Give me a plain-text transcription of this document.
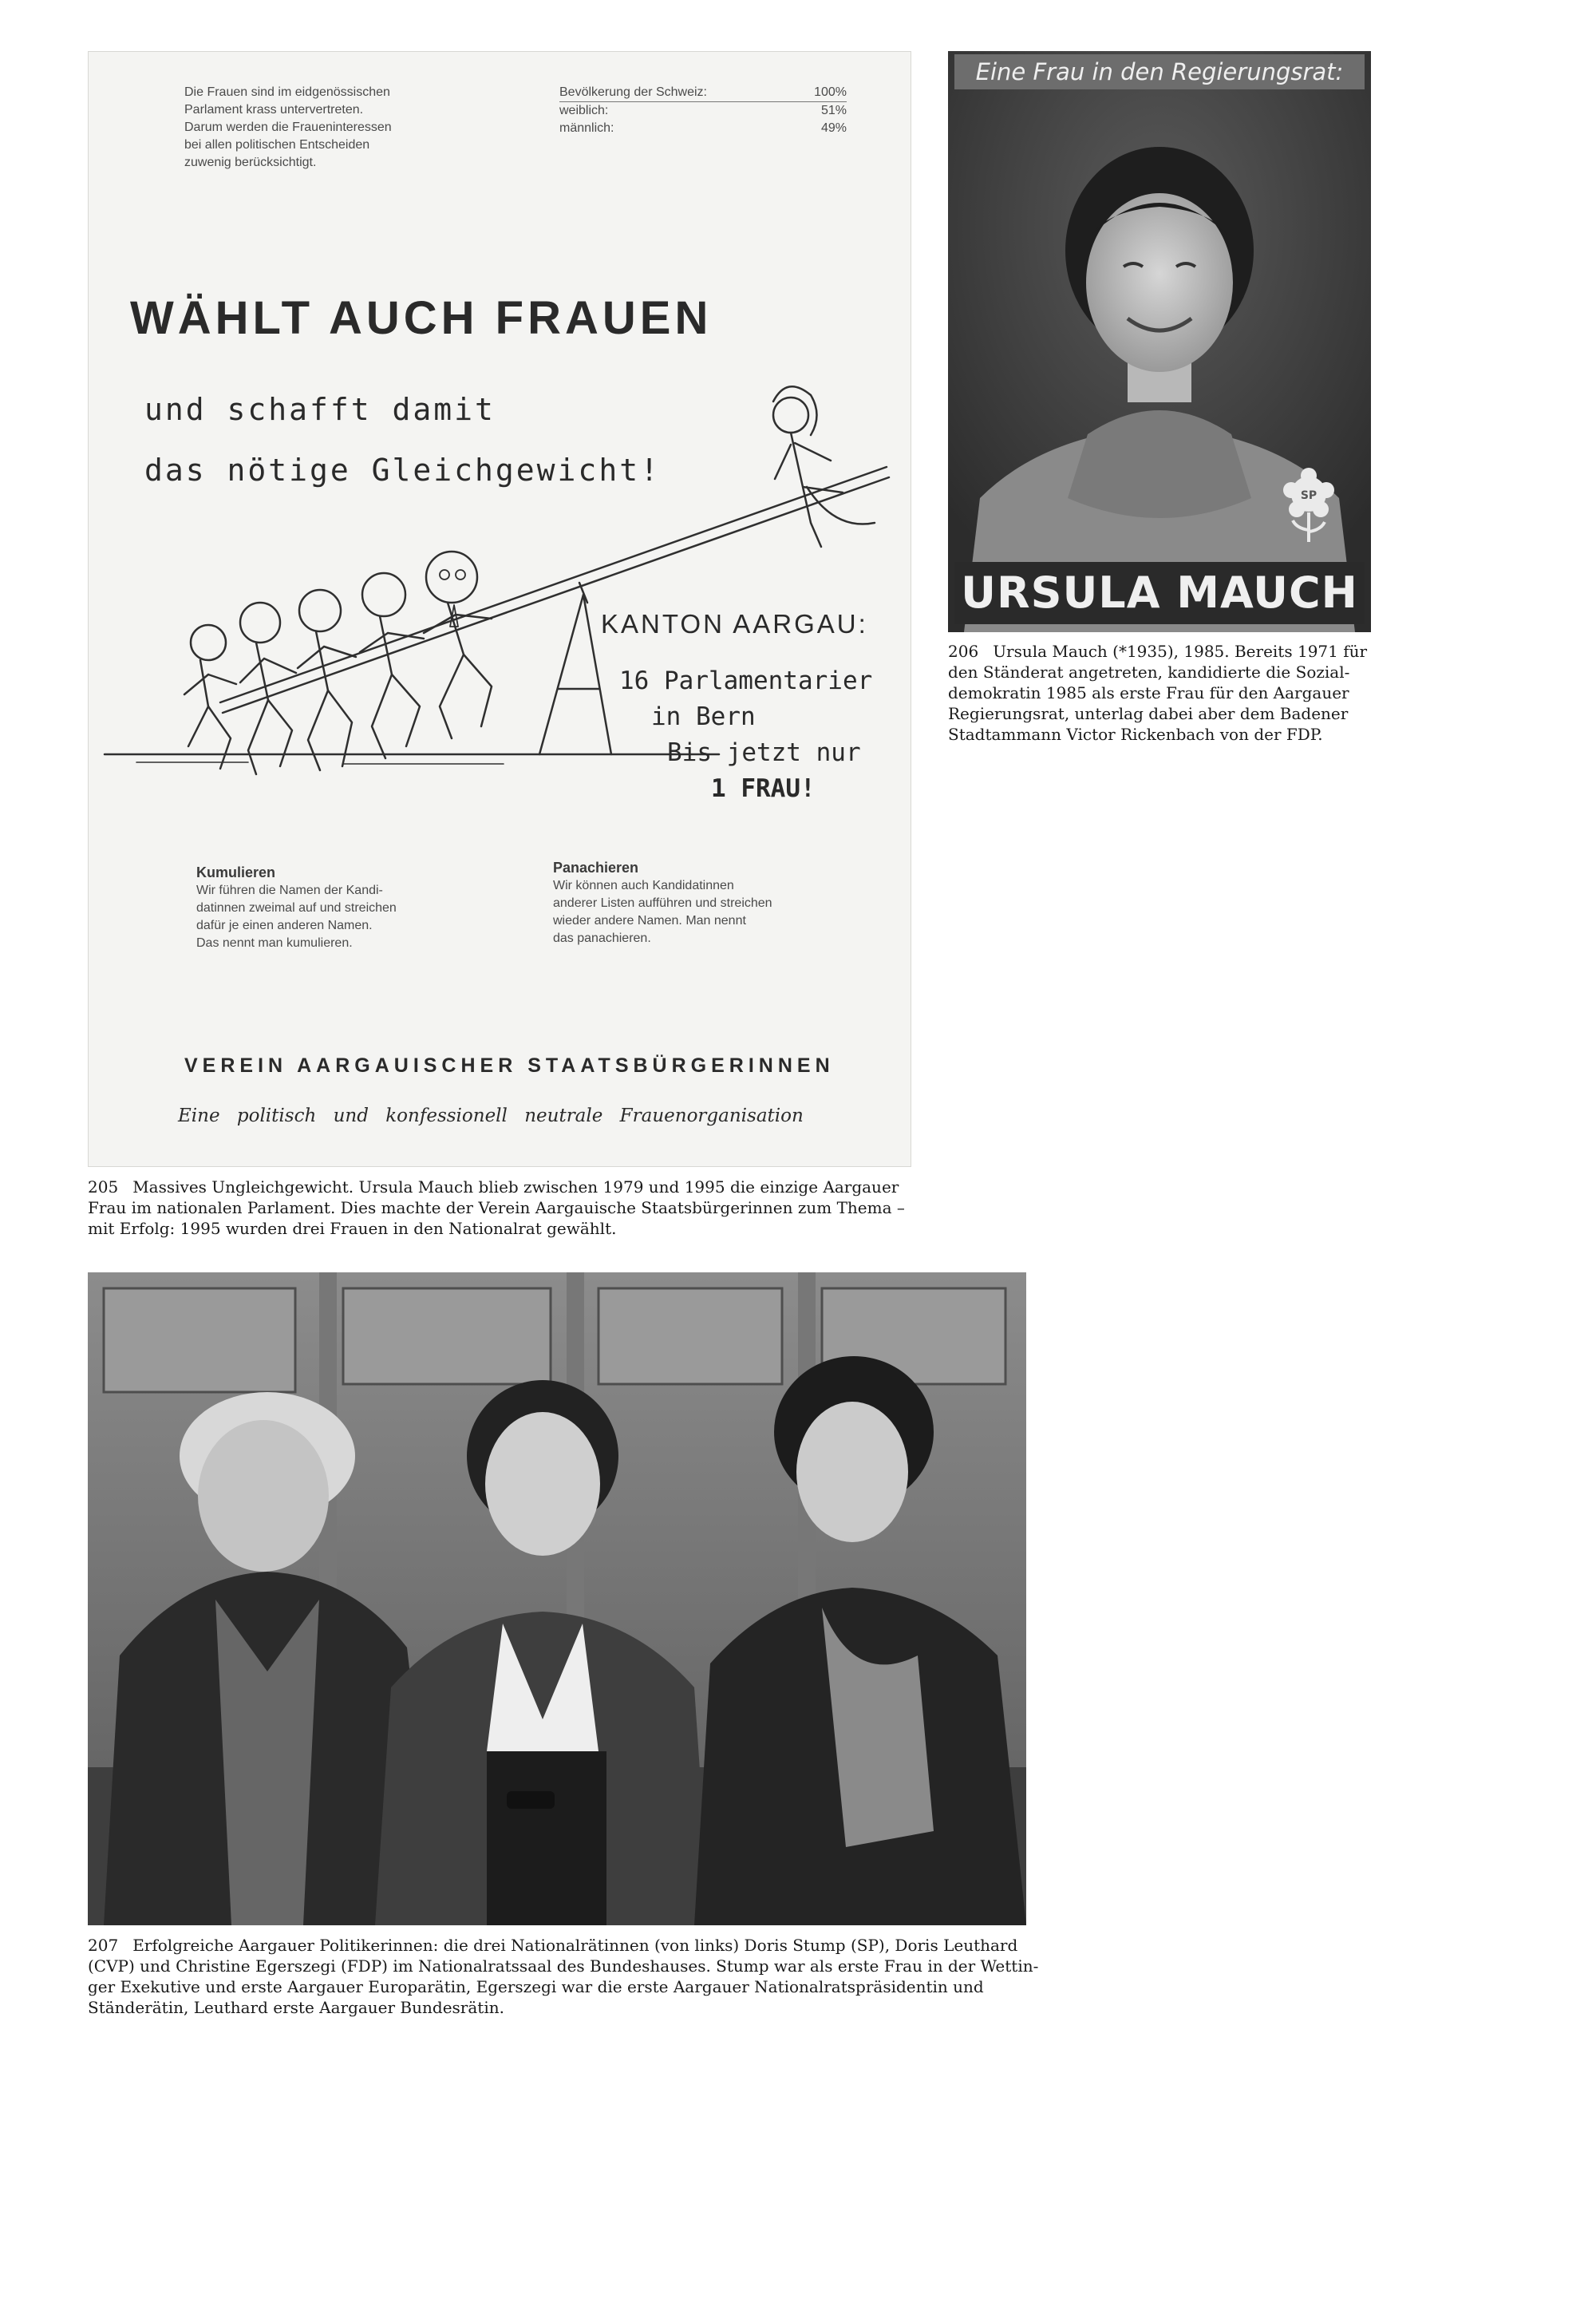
Die Frauen sind im eidgenössischen
Parlament krass untervertreten.
Darum werden die Fraueninteressen
bei allen politischen Entscheiden
zuwenig berücksichtigt.
Bevölkerung der Schweiz:	100%
weiblich:	51%
männlich:	49%
WÄHLT AUCH FRAUEN
und schafft damit
das nötige Gleichgewicht!
KANTON AARGAU:
16 Parlamentarier
in Bern
Bis jetzt nur
1 FRAU!
Kumulieren
Wir führen die Namen der Kandi-
datinnen zweimal auf und streichen
dafür je einen anderen Namen.
Das nennt man kumulieren.
Panachieren
Wir können auch Kandidatinnen
anderer Listen aufführen und streichen
wieder andere Namen. Man nennt
das panachieren.
VEREIN AARGAUISCHER STAATSBÜRGERINNEN
Eine politisch und konfessionell neutrale Frauenorganisation
SP
Eine Frau in den Regierungsrat:
URSULA MAUCH
206 Ursula Mauch (*1935), 1985. Bereits 1971 für
den Ständerat angetreten, kandidierte die Sozial-
demokratin 1985 als erste Frau für den Aargauer
Regierungsrat, unterlag dabei aber dem Badener
Stadtammann Victor Rickenbach von der FDP.
205 Massives Ungleichgewicht. Ursula Mauch blieb zwischen 1979 und 1995 die einzige Aargauer
Frau im nationalen Parlament. Dies machte der Verein Aargauische Staatsbürgerinnen zum Thema –
mit Erfolg: 1995 wurden drei Frauen in den Nationalrat gewählt.
207 Erfolgreiche Aargauer Politikerinnen: die drei Nationalrätinnen (von links) Doris Stump (SP), Doris Leuthard
(CVP) und Christine Egerszegi (FDP) im Nationalratssaal des Bundeshauses. Stump war als erste Frau in der Wettin-
ger Exekutive und erste Aargauer Europarätin, Egerszegi war die erste Aargauer Nationalratspräsidentin und
Ständerätin, Leuthard erste Aargauer Bundesrätin.
